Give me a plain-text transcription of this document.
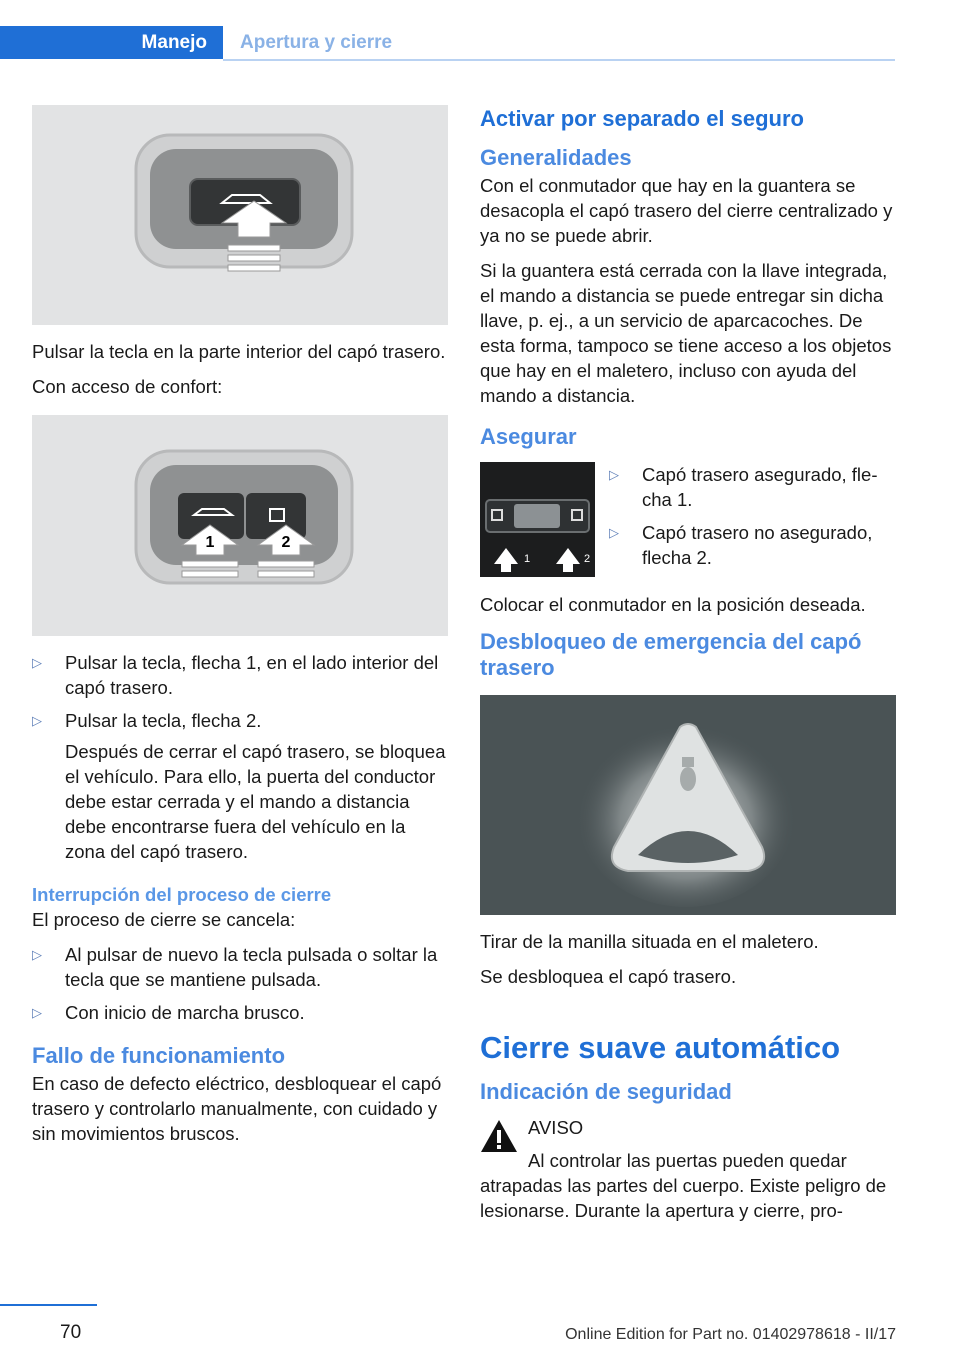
Manejo	Apertura y cierre

Pulsar la tecla en la parte interior del capó trasero.

Con acceso de confort:

1	2
▷ Pulsar la tecla, flecha 1, en el lado interior del capó trasero.
▷ Pulsar la tecla, flecha 2.
Después de cerrar el capó trasero, se bloquea el vehículo. Para ello, la puerta del conductor debe estar cerrada y el mando a distancia debe encontrarse fuera del vehículo en la zona del capó trasero.
Interrupción del proceso de cierre

El proceso de cierre se cancela:

▷ Al pulsar de nuevo la tecla pulsada o soltar la tecla que se mantiene pulsada.
▷ Con inicio de marcha brusco.
Fallo de funcionamiento

En caso de defecto eléctrico, desbloquear el capó trasero y controlarlo manualmente, con cuidado y sin movimientos bruscos.

Activar por separado el seguro
Generalidades

Con el conmutador que hay en la guantera se desacopla el capó trasero del cierre centralizado y ya no se puede abrir.

Si la guantera está cerrada con la llave integrada, el mando a distancia se puede entregar sin dicha llave, p. ej., a un servicio de aparcacoches. De esta forma, tampoco se tiene acceso a los objetos que hay en el maletero, incluso con ayuda del mando a distancia.

Asegurar
1	2
▷ Capó trasero asegurado, flecha 1.
▷ Capó trasero no asegurado, flecha 2.

Colocar el conmutador en la posición deseada.

Desbloqueo de emergencia del capó trasero

Tirar de la manilla situada en el maletero.

Se desbloquea el capó trasero.

Cierre suave automático
Indicación de seguridad
AVISO
Al controlar las puertas pueden quedar

atrapadas las partes del cuerpo. Existe peligro de lesionarse. Durante la apertura y cierre, pro-

70	Online Edition for Part no. 01402978618 - II/17
